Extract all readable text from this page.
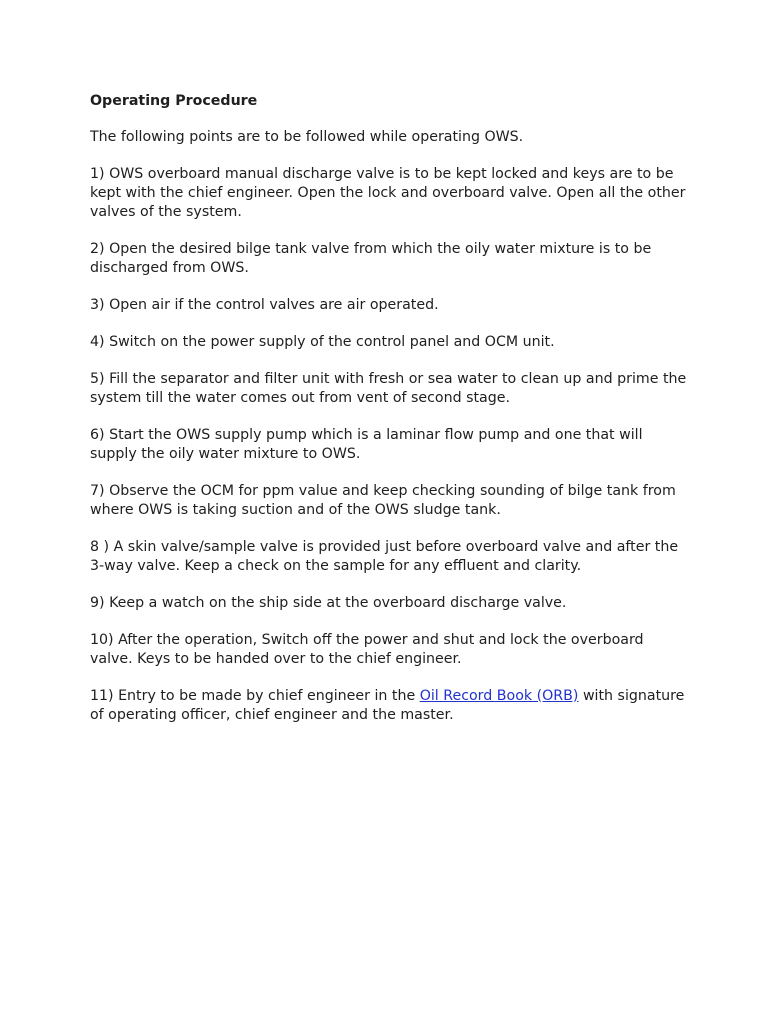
Operating Procedure
The following points are to be followed while operating OWS.
1) OWS overboard manual discharge valve is to be kept locked and keys are to be kept with the chief engineer. Open the lock and overboard valve. Open all the other valves of the system.
2) Open the desired bilge tank valve from which the oily water mixture is to be discharged from OWS.
3) Open air if the control valves are air operated.
4) Switch on the power supply of the control panel and OCM unit.
5) Fill the separator and filter unit with fresh or sea water to clean up and prime the system till the water comes out from vent of second stage.
6) Start the OWS supply pump which is a laminar flow pump and one that will supply the oily water mixture to OWS.
7) Observe the OCM for ppm value and keep checking sounding of bilge tank from where OWS is taking suction and of the OWS sludge tank.
8 ) A skin valve/sample valve is provided just before overboard valve and after the 3-way valve. Keep a check on the sample for any effluent and clarity.
9) Keep a watch on the ship side at the overboard discharge valve.
10) After the operation, Switch off the power and shut and lock the overboard valve. Keys to be handed over to the chief engineer.
11) Entry to be made by chief engineer in the Oil Record Book (ORB) with signature of operating officer, chief engineer and the master.
